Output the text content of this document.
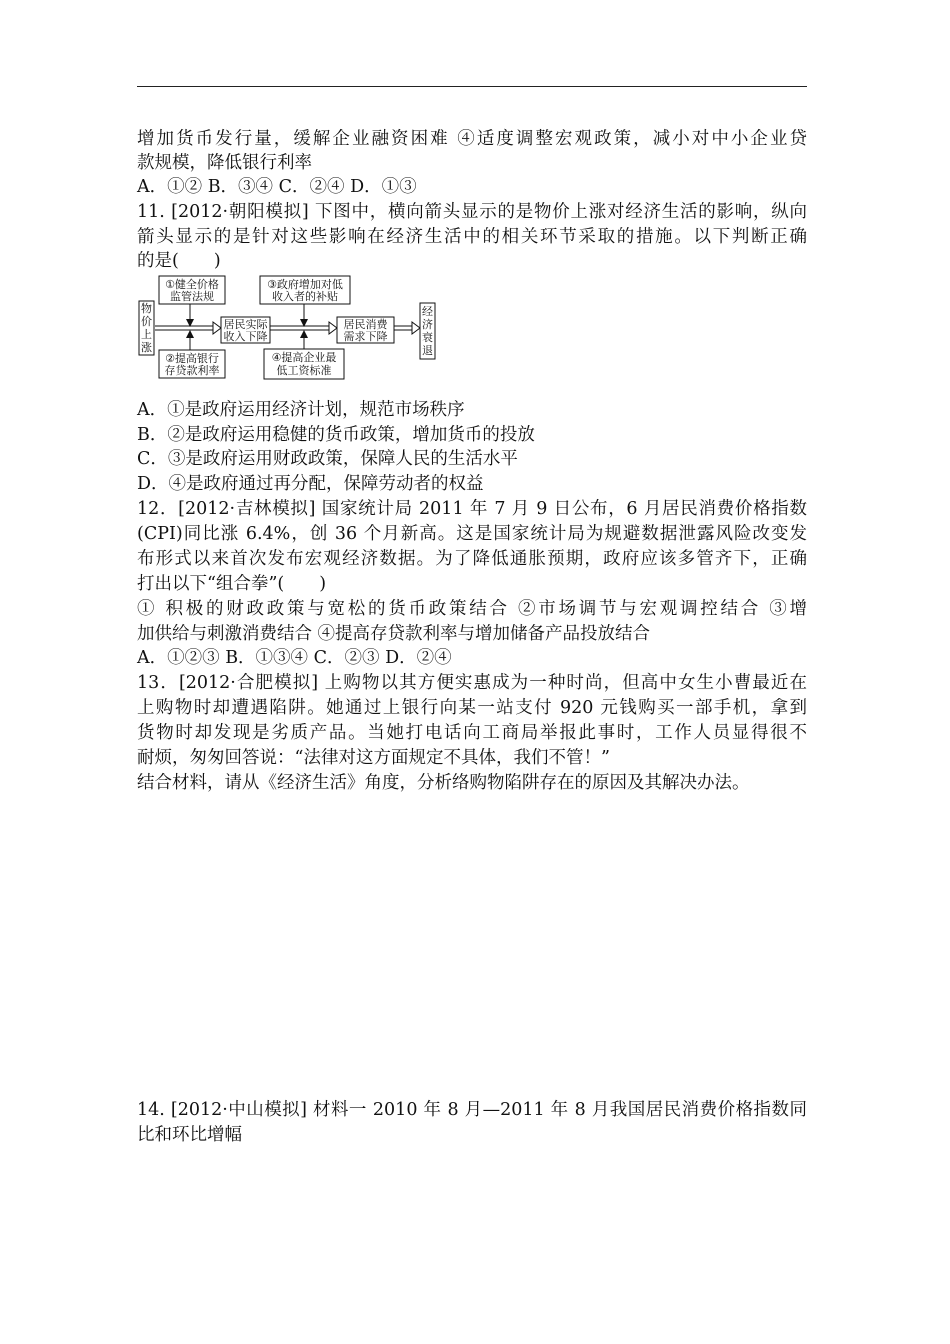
增加货币发行量，缓解企业融资困难 ④适度调整宏观政策，减小对中小企业贷
款规模，降低银行利率
A．①② B．③④ C．②④ D．①③
11. [2012·朝阳模拟] 下图中，横向箭头显示的是物价上涨对经济生活的影响，纵向
箭头显示的是针对这些影响在经济生活中的相关环节采取的措施。以下判断正确
的是(　　)
物
价
上
涨
居民实际
收入下降
居民消费
需求下降
经
济
衰
退
①健全价格
监管法规
②提高银行
存贷款利率
③政府增加对低
收入者的补贴
④提高企业最
低工资标准
A．①是政府运用经济计划，规范市场秩序
B．②是政府运用稳健的货币政策，增加货币的投放
C．③是政府运用财政政策，保障人民的生活水平
D．④是政府通过再分配，保障劳动者的权益
12．[2012·吉林模拟] 国家统计局 2011 年 7 月 9 日公布，6 月居民消费价格指数
(CPI)同比涨 6.4%，创 36 个月新高。这是国家统计局为规避数据泄露风险改变发
布形式以来首次发布宏观经济数据。为了降低通胀预期，政府应该多管齐下，正确
打出以下“组合拳”(　　)
① 积极的财政政策与宽松的货币政策结合 ②市场调节与宏观调控结合 ③增
加供给与刺激消费结合 ④提高存贷款利率与增加储备产品投放结合
A．①②③ B．①③④ C．②③ D．②④
13．[2012·合肥模拟] 上购物以其方便实惠成为一种时尚，但高中女生小曹最近在
上购物时却遭遇陷阱。她通过上银行向某一站支付 920 元钱购买一部手机，拿到
货物时却发现是劣质产品。当她打电话向工商局举报此事时，工作人员显得很不
耐烦，匆匆回答说：“法律对这方面规定不具体，我们不管！”
结合材料，请从《经济生活》角度，分析络购物陷阱存在的原因及其解决办法。
14. [2012·中山模拟] 材料一 2010 年 8 月—2011 年 8 月我国居民消费价格指数同
比和环比增幅
